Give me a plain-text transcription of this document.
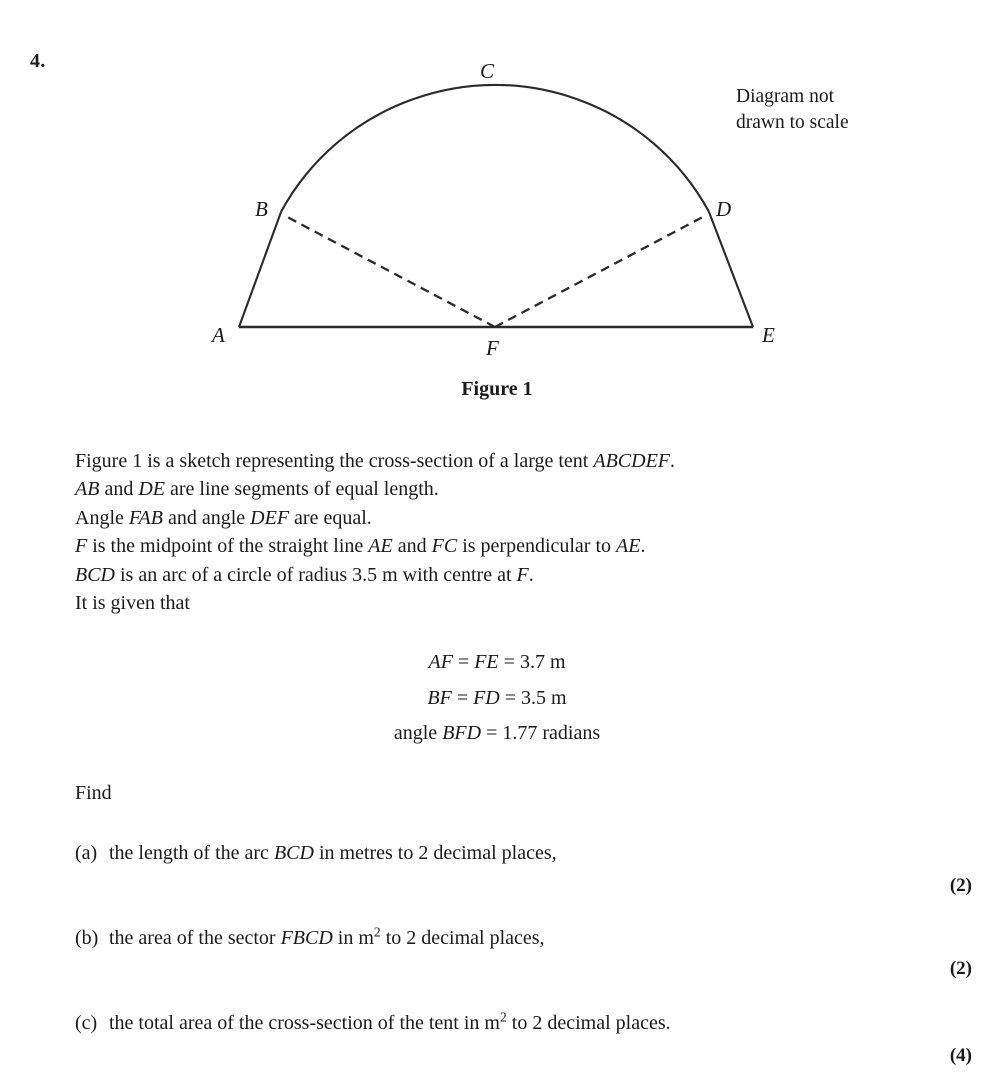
4.
A
B
C
D
E
F
Diagram not
drawn to scale
Figure 1

Figure 1 is a sketch representing the cross-section of a large tent ABCDEF.

AB and DE are line segments of equal length.

Angle FAB and angle DEF are equal.

F is the midpoint of the straight line AE and FC is perpendicular to AE.

BCD is an arc of a circle of radius 3.5 m with centre at F.

It is given that

AF = FE = 3.7 m
BF = FD = 3.5 m
angle BFD = 1.77 radians
Find
(a) the length of the arc BCD in metres to 2 decimal places,
(2)
(b) the area of the sector FBCD in $m^2$ to 2 decimal places,
(2)
(c) the total area of the cross-section of the tent in $m^2$ to 2 decimal places.
(4)
